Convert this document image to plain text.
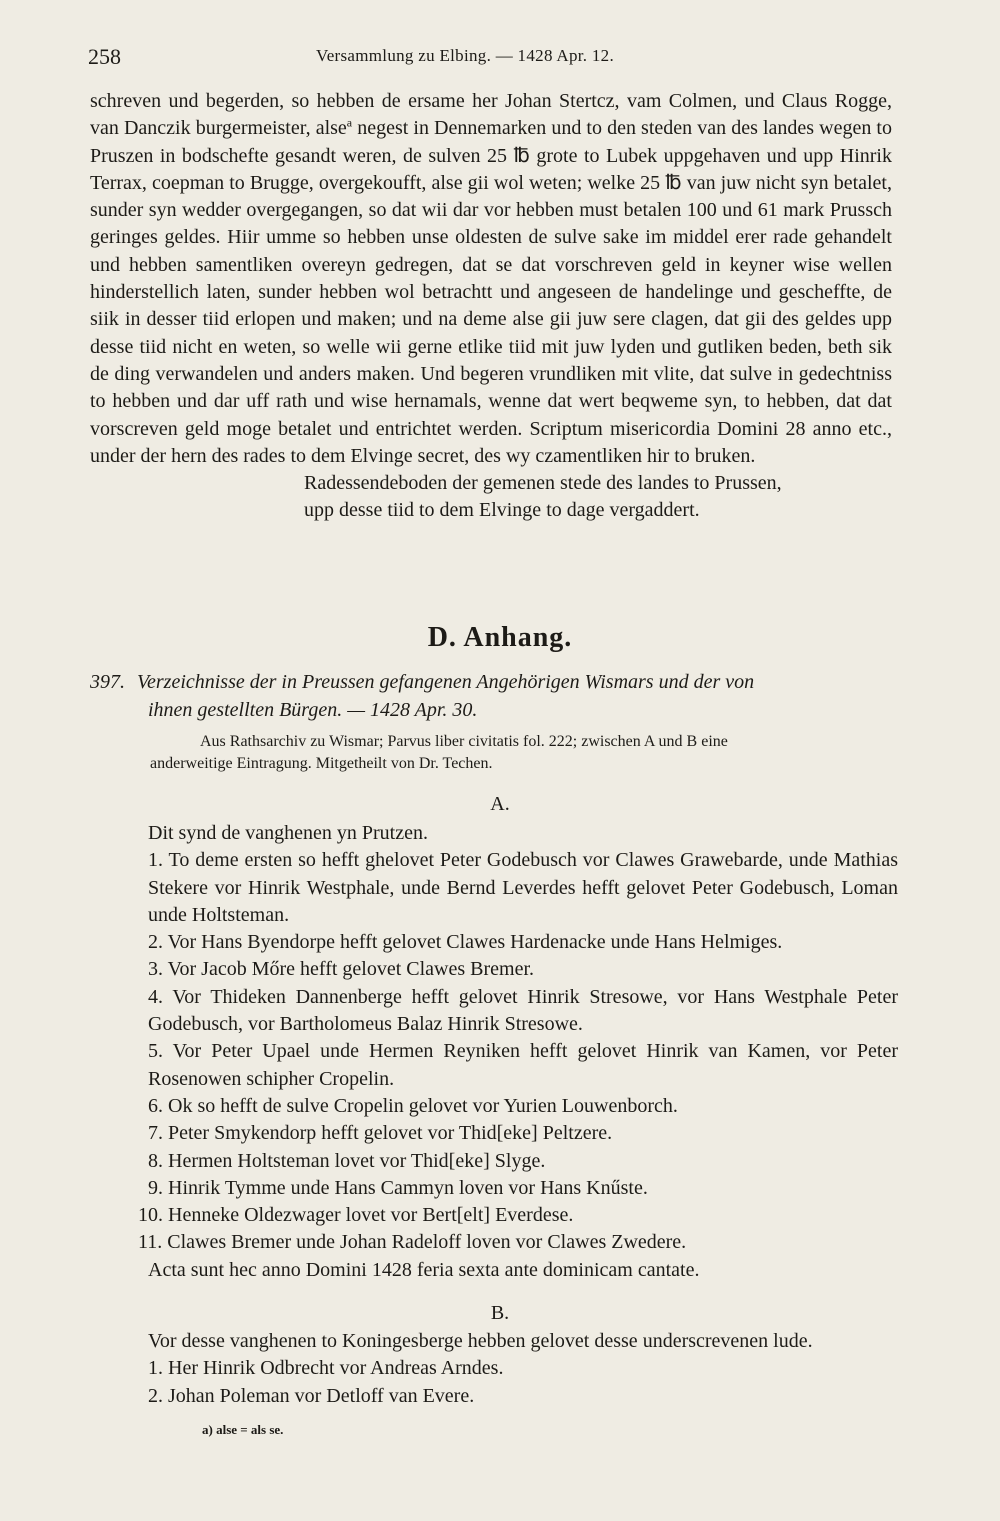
258	Versammlung zu Elbing. — 1428 Apr. 12.

schreven und begerden, so hebben de ersame her Johan Stertcz, vam Colmen, und Claus Rogge, van Danczik burgermeister, alse$^a$ negest in Dennemarken und to den steden van des landes wegen to Pruszen in bodschefte gesandt weren, de sulven 25 ℔ grote to Lubek uppgehaven und upp Hinrik Terrax, coepman to Brugge, overgekoufft, alse gii wol weten; welke 25 ℔ van juw nicht syn betalet, sunder syn wedder overgegangen, so dat wii dar vor hebben must betalen 100 und 61 mark Prussch geringes geldes. Hiir umme so hebben unse oldesten de sulve sake im middel erer rade gehandelt und hebben samentliken overeyn gedregen, dat se dat vorschreven geld in keyner wise wellen hinderstellich laten, sunder hebben wol betrachtt und angeseen de handelinge und gescheffte, de siik in desser tiid erlopen und maken; und na deme alse gii juw sere clagen, dat gii des geldes upp desse tiid nicht en weten, so welle wii gerne etlike tiid mit juw lyden und gutliken beden, beth sik de ding verwandelen und anders maken. Und begeren vrundliken mit vlite, dat sulve in gedechtniss to hebben und dar uff rath und wise hernamals, wenne dat wert beqweme syn, to hebben, dat dat vorscreven geld moge betalet und entrichtet werden. Scriptum misericordia Domini 28 anno etc., under der hern des rades to dem Elvinge secret, des wy czamentliken hir to bruken.

Radessendeboden der gemenen stede des landes to Prussen,

upp desse tiid to dem Elvinge to dage vergaddert.

D. Anhang.
397. Verzeichnisse der in Preussen gefangenen Angehörigen Wismars und der von
ihnen gestellten Bürgen. — 1428 Apr. 30.
Aus Rathsarchiv zu Wismar; Parvus liber civitatis fol. 222; zwischen A und B eine
anderweitige Eintragung. Mitgetheilt von Dr. Techen.
A.

Dit synd de vanghenen yn Prutzen.

1. To deme ersten so hefft ghelovet Peter Godebusch vor Clawes Grawebarde, unde Mathias Stekere vor Hinrik Westphale, unde Bernd Leverdes hefft gelovet Peter Godebusch, Loman unde Holtsteman.

2. Vor Hans Byendorpe hefft gelovet Clawes Hardenacke unde Hans Helmiges.

3. Vor Jacob Mőre hefft gelovet Clawes Bremer.

4. Vor Thideken Dannenberge hefft gelovet Hinrik Stresowe, vor Hans Westphale Peter Godebusch, vor Bartholomeus Balaz Hinrik Stresowe.

5. Vor Peter Upael unde Hermen Reyniken hefft gelovet Hinrik van Kamen, vor Peter Rosenowen schipher Cropelin.

6. Ok so hefft de sulve Cropelin gelovet vor Yurien Louwenborch.

7. Peter Smykendorp hefft gelovet vor Thid[eke] Peltzere.

8. Hermen Holtsteman lovet vor Thid[eke] Slyge.

9. Hinrik Tymme unde Hans Cammyn loven vor Hans Knűste.

10. Henneke Oldezwager lovet vor Bert[elt] Everdese.

11. Clawes Bremer unde Johan Radeloff loven vor Clawes Zwedere.

Acta sunt hec anno Domini 1428 feria sexta ante dominicam cantate.

B.

Vor desse vanghenen to Koningesberge hebben gelovet desse underscrevenen lude.

1. Her Hinrik Odbrecht vor Andreas Arndes.

2. Johan Poleman vor Detloff van Evere.

a) alse = als se.
